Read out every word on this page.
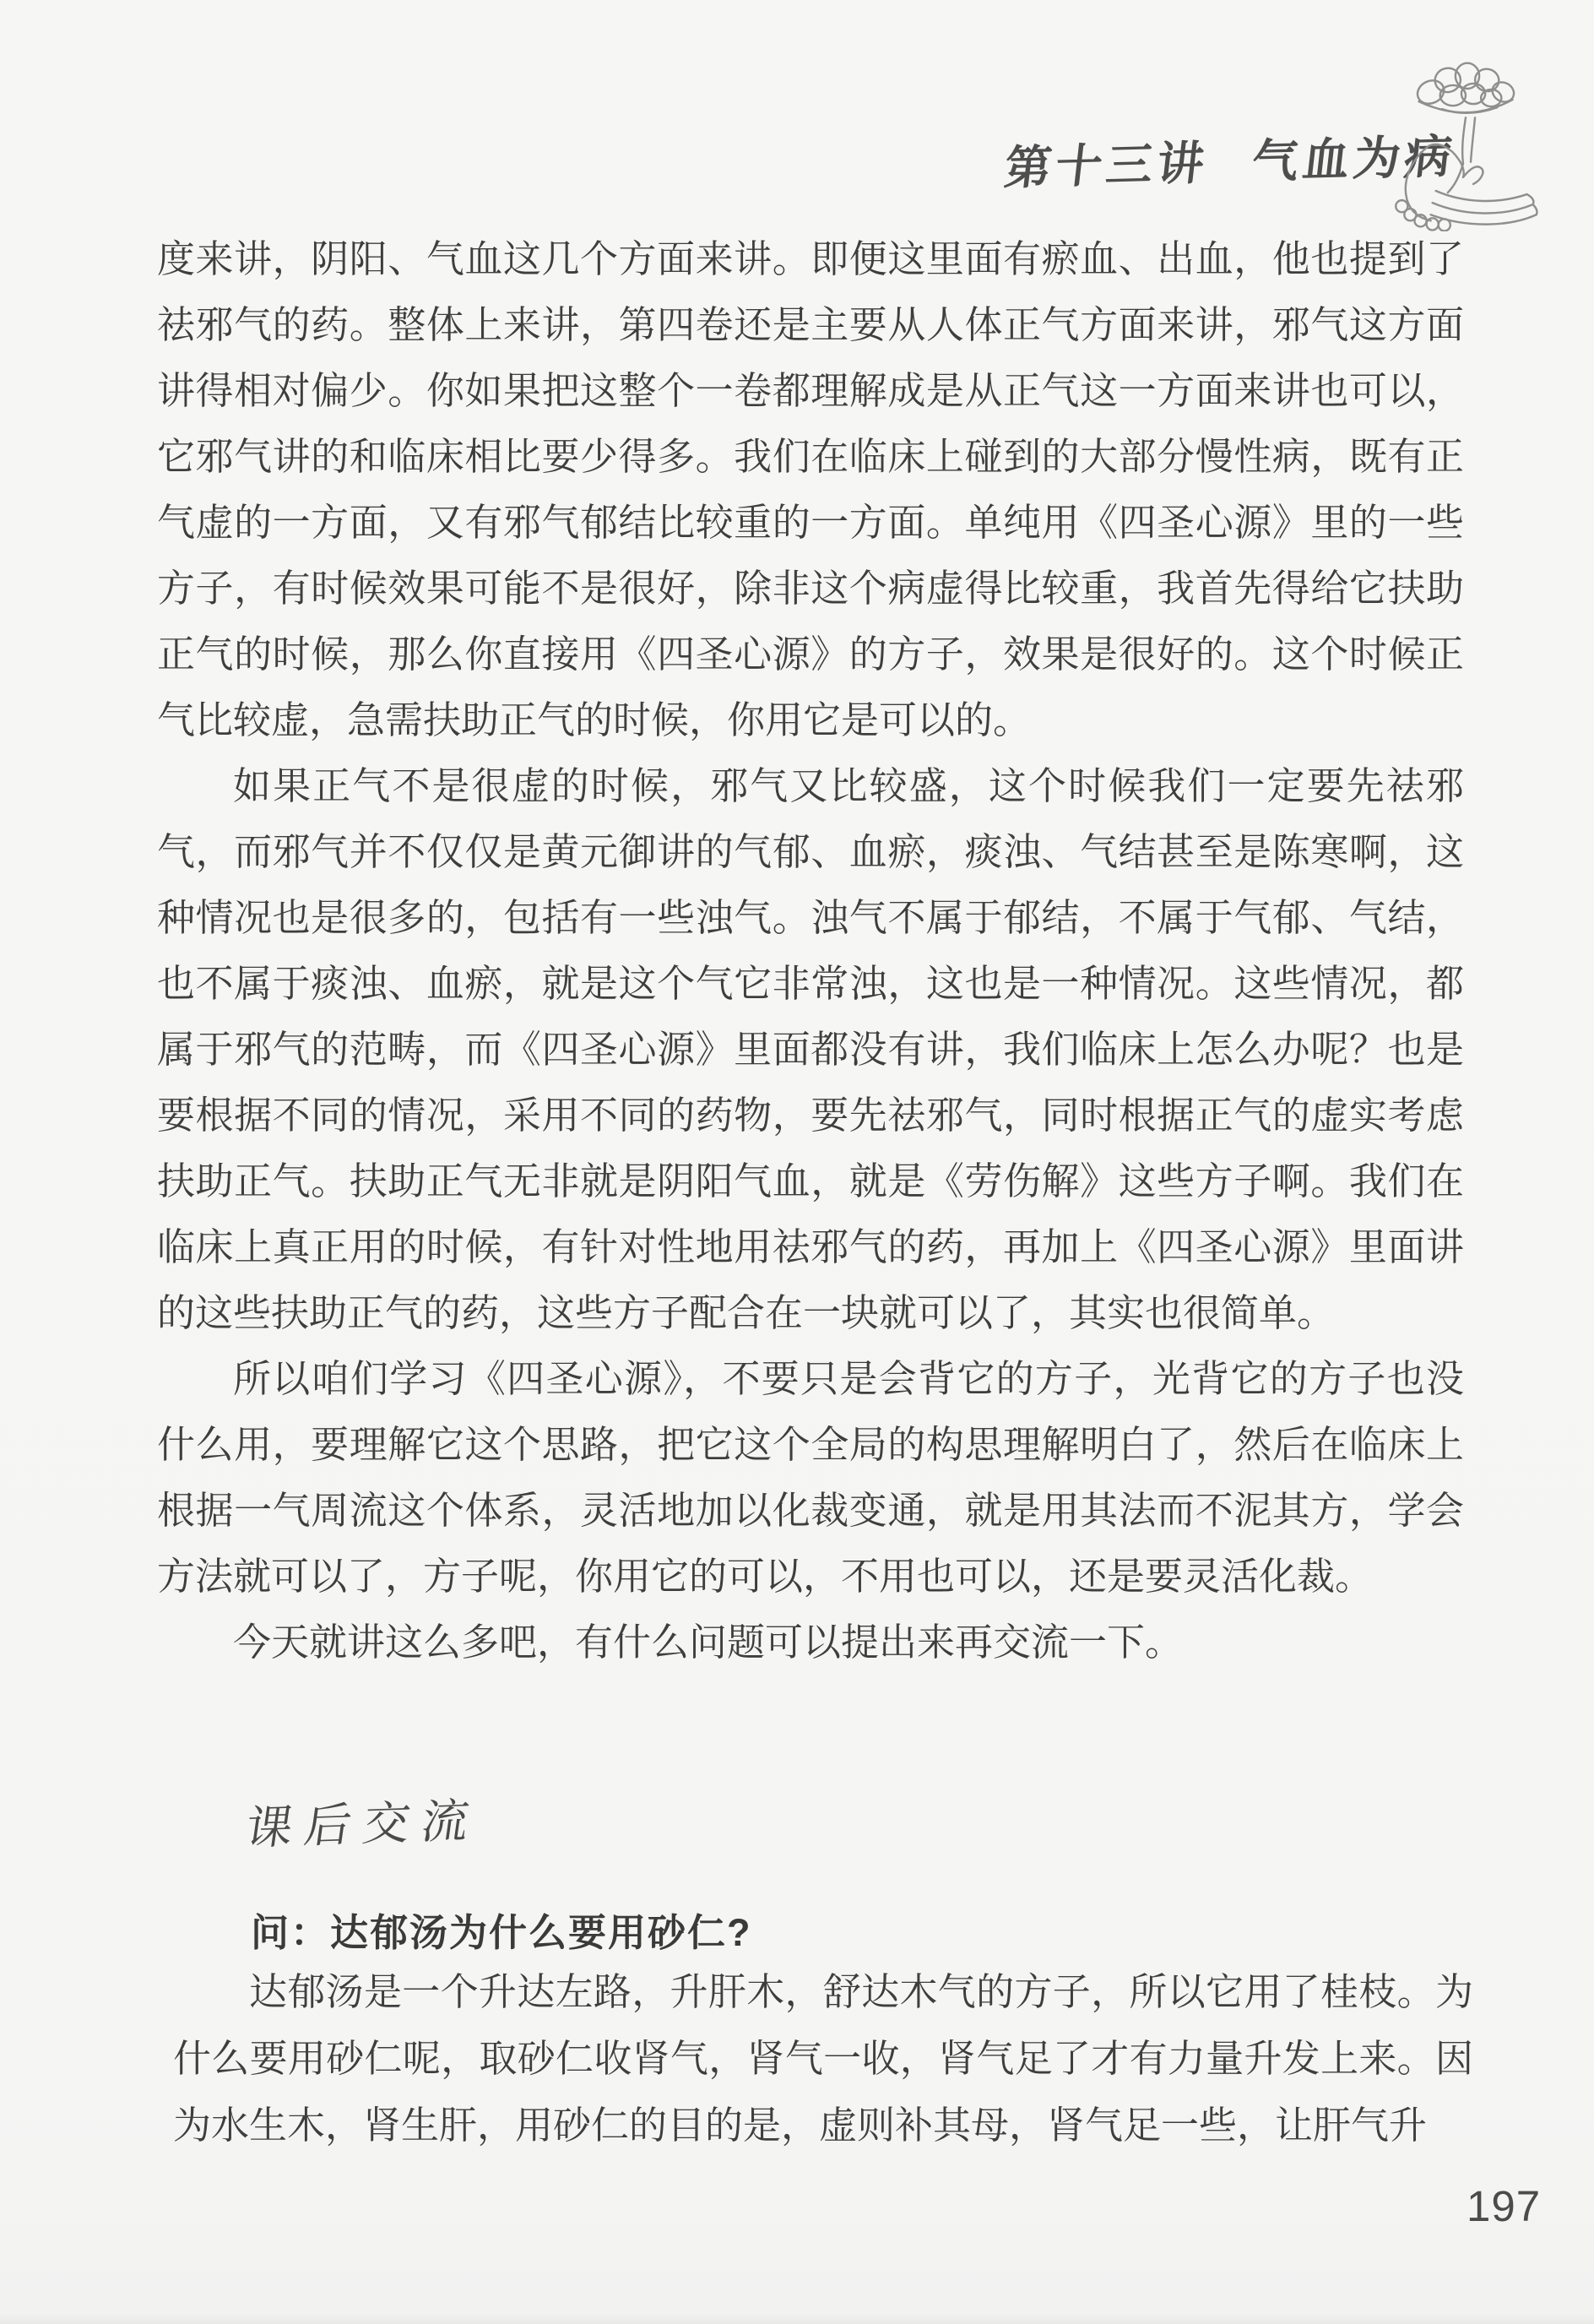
第十三讲 气血为病

度来讲，阴阳、气血这几个方面来讲。即便这里面有瘀血、出血，他也提到了祛邪气的药。整体上来讲，第四卷还是主要从人体正气方面来讲，邪气这方面讲得相对偏少。你如果把这整个一卷都理解成是从正气这一方面来讲也可以，它邪气讲的和临床相比要少得多。我们在临床上碰到的大部分慢性病，既有正气虚的一方面，又有邪气郁结比较重的一方面。单纯用《四圣心源》里的一些方子，有时候效果可能不是很好，除非这个病虚得比较重，我首先得给它扶助正气的时候，那么你直接用《四圣心源》的方子，效果是很好的。这个时候正气比较虚，急需扶助正气的时候，你用它是可以的。

如果正气不是很虚的时候，邪气又比较盛，这个时候我们一定要先祛邪气，而邪气并不仅仅是黄元御讲的气郁、血瘀，痰浊、气结甚至是陈寒啊，这种情况也是很多的，包括有一些浊气。浊气不属于郁结，不属于气郁、气结，也不属于痰浊、血瘀，就是这个气它非常浊，这也是一种情况。这些情况，都属于邪气的范畴，而《四圣心源》里面都没有讲，我们临床上怎么办呢？也是要根据不同的情况，采用不同的药物，要先祛邪气，同时根据正气的虚实考虑扶助正气。扶助正气无非就是阴阳气血，就是《劳伤解》这些方子啊。我们在临床上真正用的时候，有针对性地用祛邪气的药，再加上《四圣心源》里面讲的这些扶助正气的药，这些方子配合在一块就可以了，其实也很简单。

所以咱们学习《四圣心源》，不要只是会背它的方子，光背它的方子也没什么用，要理解它这个思路，把它这个全局的构思理解明白了，然后在临床上根据一气周流这个体系，灵活地加以化裁变通，就是用其法而不泥其方，学会方法就可以了，方子呢，你用它的可以，不用也可以，还是要灵活化裁。

今天就讲这么多吧，有什么问题可以提出来再交流一下。

课后交流
问：达郁汤为什么要用砂仁?
达郁汤是一个升达左路，升肝木，舒达木气的方子，所以它用了桂枝。为什么要用砂仁呢，取砂仁收肾气，肾气一收，肾气足了才有力量升发上来。因为水生木，肾生肝，用砂仁的目的是，虚则补其母，肾气足一些，让肝气升
197
